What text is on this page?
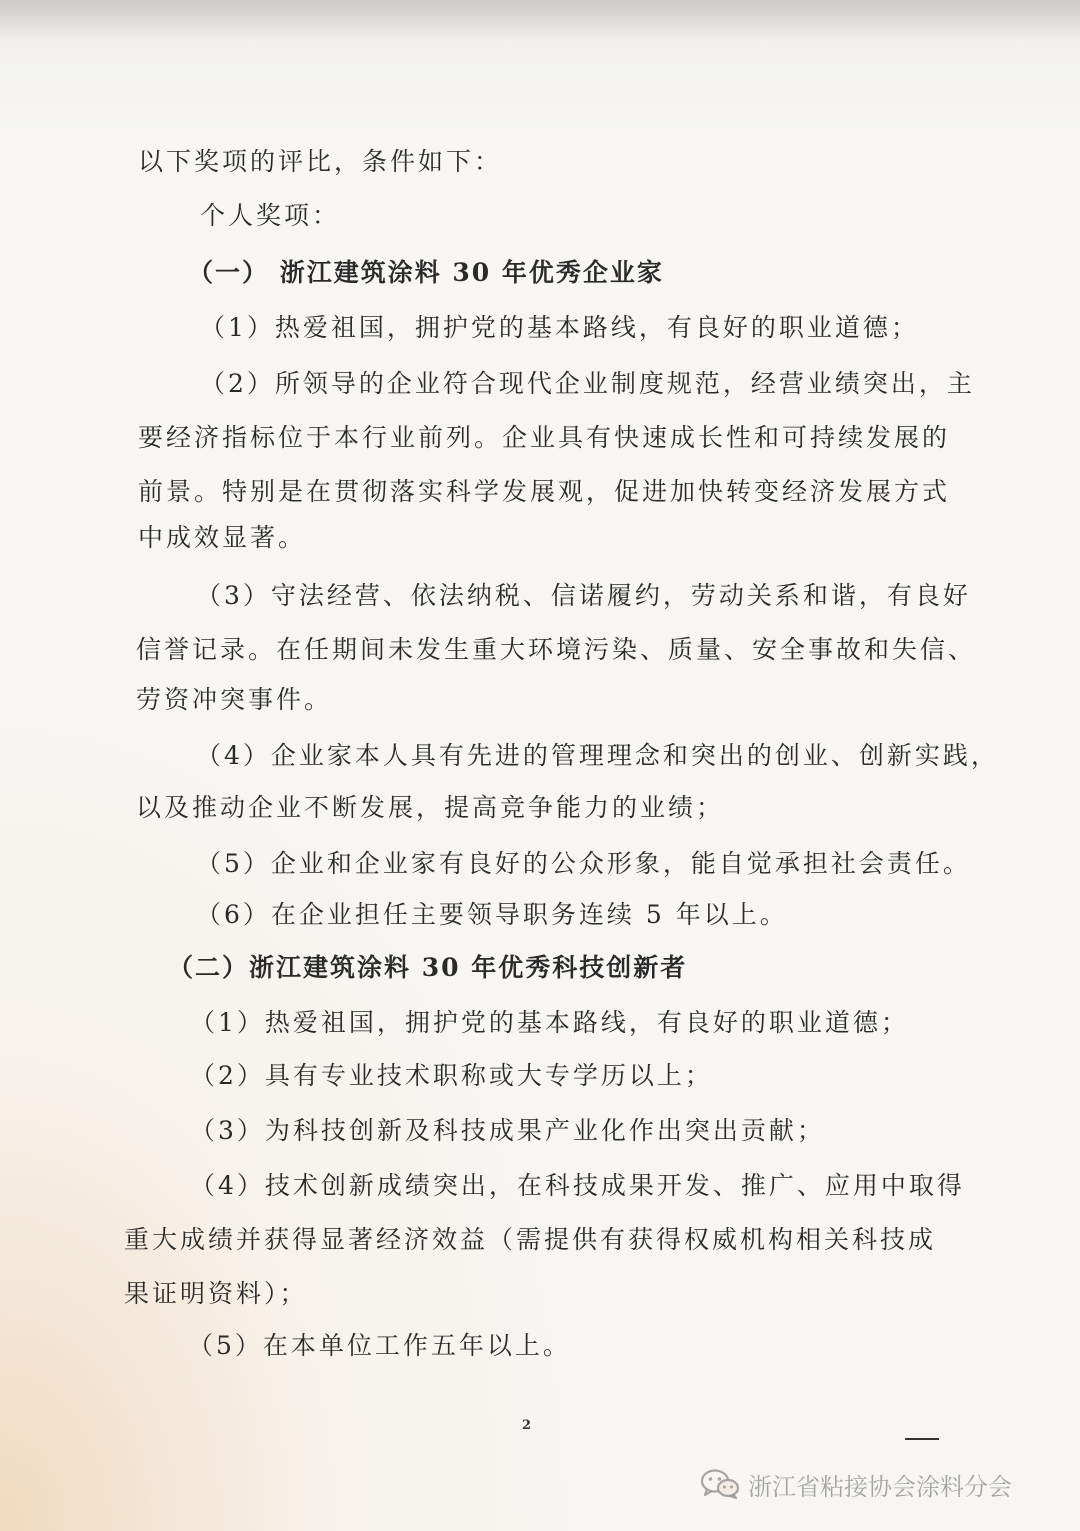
以下奖项的评比，条件如下：
个人奖项：
（一） 浙江建筑涂料 30 年优秀企业家
（1）热爱祖国，拥护党的基本路线，有良好的职业道德；
（2）所领导的企业符合现代企业制度规范，经营业绩突出，主
要经济指标位于本行业前列。企业具有快速成长性和可持续发展的
前景。特别是在贯彻落实科学发展观，促进加快转变经济发展方式
中成效显著。
（3）守法经营、依法纳税、信诺履约，劳动关系和谐，有良好
信誉记录。在任期间未发生重大环境污染、质量、安全事故和失信、
劳资冲突事件。
（4）企业家本人具有先进的管理理念和突出的创业、创新实践，
以及推动企业不断发展，提高竞争能力的业绩；
（5）企业和企业家有良好的公众形象，能自觉承担社会责任。
（6）在企业担任主要领导职务连续 5 年以上。
（二）浙江建筑涂料 30 年优秀科技创新者
（1）热爱祖国，拥护党的基本路线，有良好的职业道德；
（2）具有专业技术职称或大专学历以上；
（3）为科技创新及科技成果产业化作出突出贡献；
（4）技术创新成绩突出，在科技成果开发、推广、应用中取得
重大成绩并获得显著经济效益（需提供有获得权威机构相关科技成
果证明资料）；
（5）在本单位工作五年以上。
2
浙江省粘接协会涂料分会
